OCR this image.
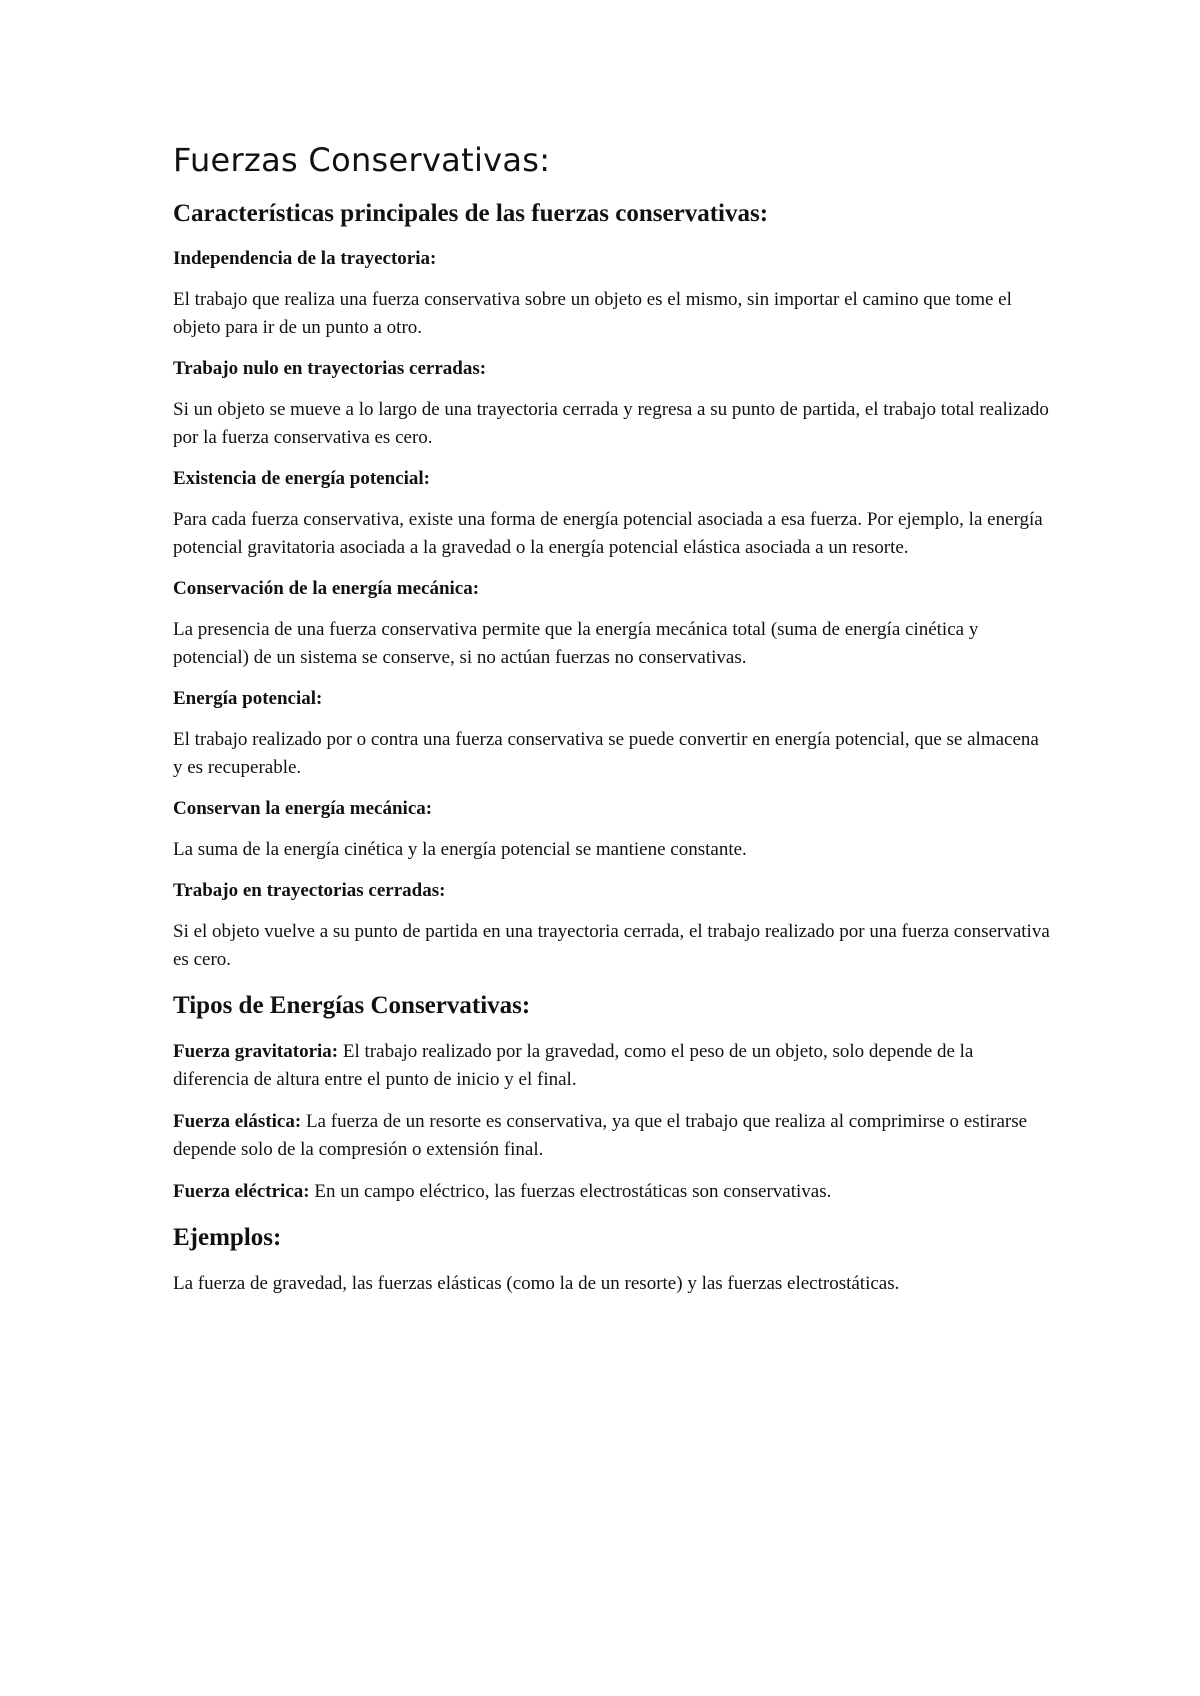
Fuerzas Conservativas:
Características principales de las fuerzas conservativas:
Independencia de la trayectoria:

El trabajo que realiza una fuerza conservativa sobre un objeto es el mismo, sin importar el camino que tome el objeto para ir de un punto a otro.

Trabajo nulo en trayectorias cerradas:

Si un objeto se mueve a lo largo de una trayectoria cerrada y regresa a su punto de partida, el trabajo total realizado por la fuerza conservativa es cero.

Existencia de energía potencial:

Para cada fuerza conservativa, existe una forma de energía potencial asociada a esa fuerza. Por ejemplo, la energía potencial gravitatoria asociada a la gravedad o la energía potencial elástica asociada a un resorte.

Conservación de la energía mecánica:

La presencia de una fuerza conservativa permite que la energía mecánica total (suma de energía cinética y potencial) de un sistema se conserve, si no actúan fuerzas no conservativas.

Energía potencial:

El trabajo realizado por o contra una fuerza conservativa se puede convertir en energía potencial, que se almacena y es recuperable.

Conservan la energía mecánica:

La suma de la energía cinética y la energía potencial se mantiene constante.

Trabajo en trayectorias cerradas:

Si el objeto vuelve a su punto de partida en una trayectoria cerrada, el trabajo realizado por una fuerza conservativa es cero.

Tipos de Energías Conservativas:

Fuerza gravitatoria: El trabajo realizado por la gravedad, como el peso de un objeto, solo depende de la diferencia de altura entre el punto de inicio y el final.

Fuerza elástica: La fuerza de un resorte es conservativa, ya que el trabajo que realiza al comprimirse o estirarse depende solo de la compresión o extensión final.

Fuerza eléctrica: En un campo eléctrico, las fuerzas electrostáticas son conservativas.

Ejemplos:

La fuerza de gravedad, las fuerzas elásticas (como la de un resorte) y las fuerzas electrostáticas.
